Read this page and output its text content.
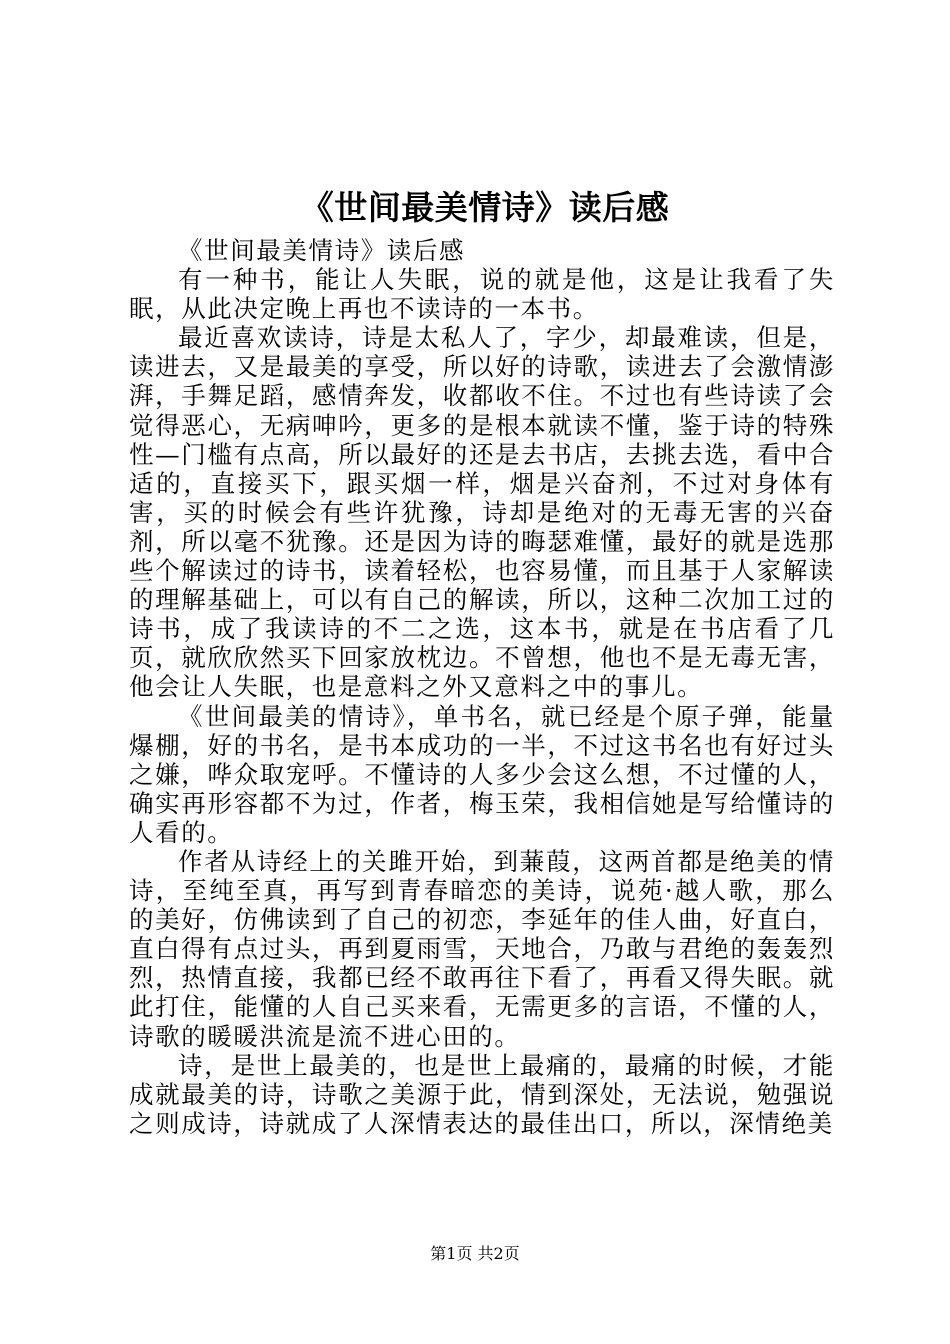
《世间最美情诗》读后感

《世间最美情诗》读后感

有一种书，能让人失眠，说的就是他，这是让我看了失眠，从此决定晚上再也不读诗的一本书。

最近喜欢读诗，诗是太私人了，字少，却最难读，但是，读进去，又是最美的享受，所以好的诗歌，读进去了会激情澎湃，手舞足蹈，感情奔发，收都收不住。不过也有些诗读了会觉得恶心，无病呻吟，更多的是根本就读不懂，鉴于诗的特殊性—门槛有点高，所以最好的还是去书店，去挑去选，看中合适的，直接买下，跟买烟一样，烟是兴奋剂，不过对身体有害，买的时候会有些许犹豫，诗却是绝对的无毒无害的兴奋剂，所以毫不犹豫。还是因为诗的晦瑟难懂，最好的就是选那些个解读过的诗书，读着轻松，也容易懂，而且基于人家解读的理解基础上，可以有自己的解读，所以，这种二次加工过的诗书，成了我读诗的不二之选，这本书，就是在书店看了几页，就欣欣然买下回家放枕边。不曾想，他也不是无毒无害，他会让人失眠，也是意料之外又意料之中的事儿。

《世间最美的情诗》，单书名，就已经是个原子弹，能量爆棚，好的书名，是书本成功的一半，不过这书名也有好过头之嫌，哗众取宠呼。不懂诗的人多少会这么想，不过懂的人，确实再形容都不为过，作者，梅玉荣，我相信她是写给懂诗的人看的。

作者从诗经上的关雎开始，到蒹葭，这两首都是绝美的情诗，至纯至真，再写到青春暗恋的美诗，说苑·越人歌，那么的美好，仿佛读到了自己的初恋，李延年的佳人曲，好直白，直白得有点过头，再到夏雨雪，天地合，乃敢与君绝的轰轰烈烈，热情直接，我都已经不敢再往下看了，再看又得失眠。就此打住，能懂的人自己买来看，无需更多的言语，不懂的人，诗歌的暖暖洪流是流不进心田的。

诗，是世上最美的，也是世上最痛的，最痛的时候，才能成就最美的诗，诗歌之美源于此，情到深处，无法说，勉强说之则成诗，诗就成了人深情表达的最佳出口，所以，深情绝美

第1页 共2页
